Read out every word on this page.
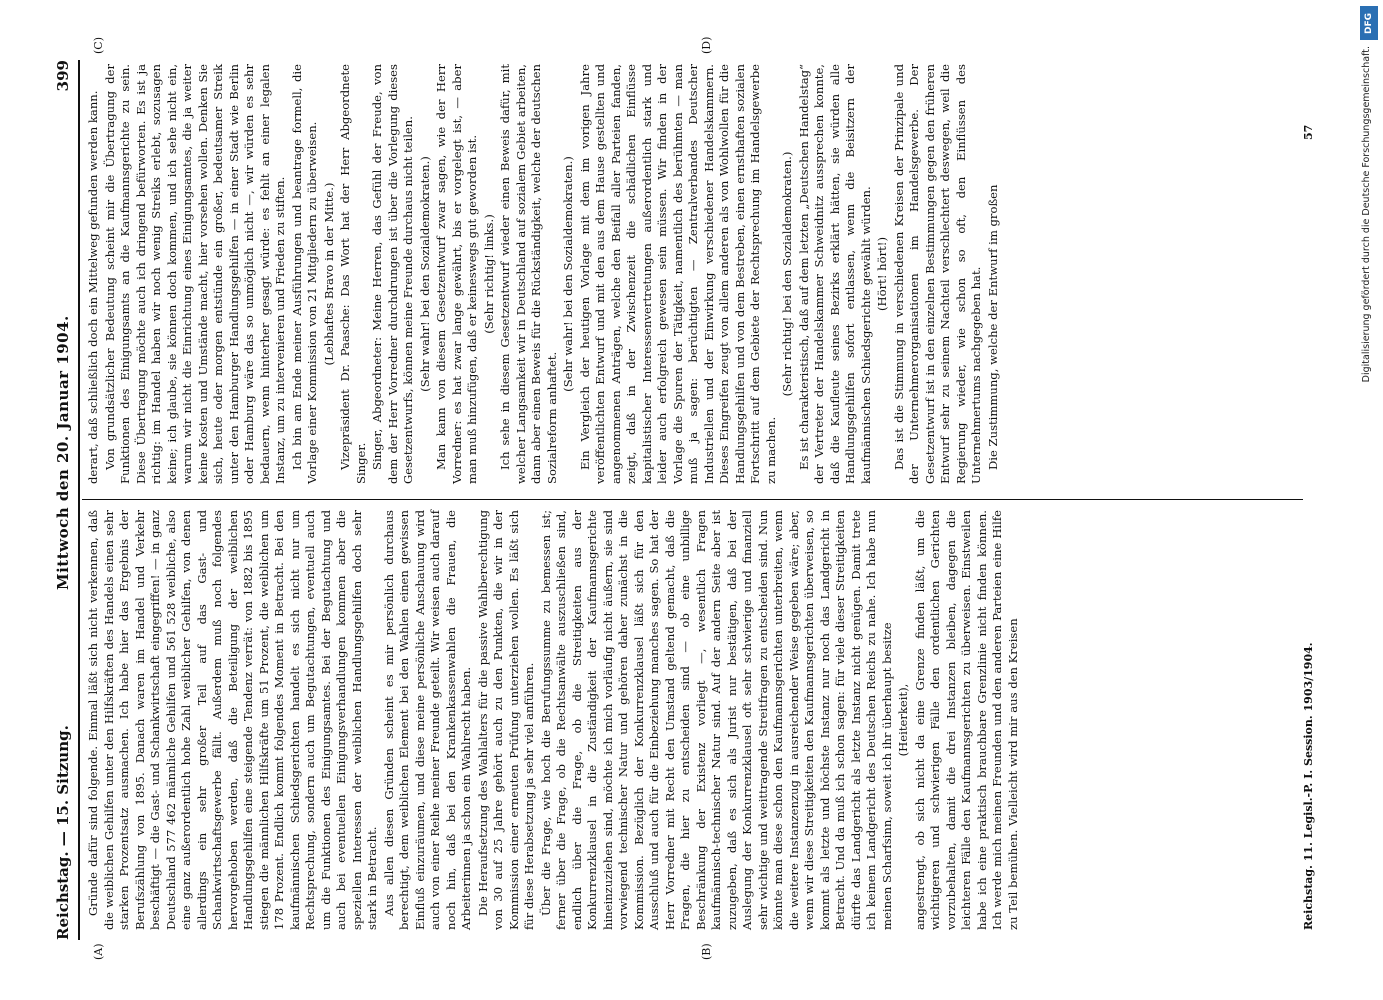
Reichstag. — 15. Sitzung.
Mittwoch den 20. Januar 1904.
399
(A)	(B)
(C)	(D)

Gründe dafür sind folgende. Einmal läßt sich nicht verkennen, daß die weiblichen Gehilfen unter den Hilfskräften des Handels einen sehr starken Prozentsatz ausmachen. Ich habe hier das Ergebnis der Berufszählung von 1895. Danach waren im Handel und Verkehr beschäftigt — die Gast- und Schankwirtschaft eingegriffen! — in ganz Deutschland 577 462 männliche Gehilfen und 561 528 weibliche, also eine ganz außerordentlich hohe Zahl weiblicher Gehilfen, von denen allerdings ein sehr großer Teil auf das Gast- und Schankwirtschaftsgewerbe fällt. Außerdem muß noch folgendes hervorgehoben werden, daß die Beteiligung der weiblichen Handlungsgehilfen eine steigende Tendenz verrät: von 1882 bis 1895 stiegen die männlichen Hilfskräfte um 51 Prozent, die weiblichen um 178 Prozent. Endlich kommt folgendes Moment in Betracht. Bei den kaufmännischen Schiedsgerichten handelt es sich nicht nur um Rechtsprechung, sondern auch um Begutachtungen, eventuell auch um die Funktionen des Einigungsamtes. Bei der Begutachtung und auch bei eventuellen Einigungsverhandlungen kommen aber die speziellen Interessen der weiblichen Handlungsgehilfen doch sehr stark in Betracht. Aus allen diesen Gründen scheint es mir persönlich durchaus berechtigt, dem weiblichen Element bei den Wahlen einen gewissen Einfluß einzuräumen, und diese meine persönliche Anschauung wird auch von einer Reihe meiner Freunde geteilt. Wir weisen auch darauf noch hin, daß bei den Krankenkassenwahlen die Frauen, die Arbeiterinnen ja schon ein Wahlrecht haben. Die Heraufsetzung des Wahlalters für die passive Wahlberechtigung von 30 auf 25 Jahre gehört auch zu den Punkten, die wir in der Kommission einer erneuten Prüfung unterziehen wollen. Es läßt sich für diese Herabsetzung ja sehr viel anführen. Über die Frage, wie hoch die Berufungssumme zu bemessen ist; ferner über die Frage, ob die Rechtsanwälte auszuschließen sind, endlich über die Frage, ob die Streitigkeiten aus der Konkurrenzklausel in die Zuständigkeit der Kaufmannsgerichte hineinzuziehen sind, möchte ich mich vorläufig nicht äußern, sie sind vorwiegend technischer Natur und gehören daher zunächst in die Kommission. Bezüglich der Konkurrenzklausel läßt sich für den Ausschluß und auch für die Einbeziehung manches sagen. So hat der Herr Vorredner mit Recht den Umstand geltend gemacht, daß die Fragen, die hier zu entscheiden sind — ob eine unbillige Beschränkung der Existenz vorliegt —, wesentlich Fragen kaufmännisch-technischer Natur sind. Auf der andern Seite aber ist zuzugeben, daß es sich als Jurist nur bestätigen, daß bei der Auslegung der Konkurrenzklausel oft sehr schwierige und finanziell sehr wichtige und weittragende Streitfragen zu entscheiden sind. Nun könnte man diese schon den Kaufmannsgerichten unterbreiten, wenn die weitere Instanzenzug in ausreichender Weise gegeben wäre; aber, wenn wir diese Streitigkeiten den Kaufmannsgerichten überweisen, so kommt als letzte und höchste Instanz nur noch das Landgericht in Betracht. Und da muß ich schon sagen: für viele dieser Streitigkeiten dürfte das Landgericht als letzte Instanz nicht genügen. Damit trete ich keinem Landgericht des Deutschen Reichs zu nahe. Ich habe nun meinen Scharfsinn, soweit ich ihr überhaupt besitze (Heiterkeit), angestrengt, ob sich nicht da eine Grenze finden läßt, um die wichtigeren und schwierigen Fälle den ordentlichen Gerichten vorzubehalten, damit die drei Instanzen bleiben, dagegen die leichteren Fälle den Kaufmannsgerichten zu überweisen. Einstweilen habe ich eine praktisch brauchbare Grenzlinie nicht finden können. Ich werde mich meinen Freunden und den anderen Parteien eine Hilfe zu Teil bemühen. Vielleicht wird mir aus den Kreisen

derart, daß schließlich doch ein Mittelweg gefunden werden kann. Von grundsätzlicher Bedeutung scheint mir die Übertragung der Funktionen des Einigungsamts an die Kaufmannsgerichte zu sein. Diese Übertragung möchte auch ich dringend befürworten. Es ist ja richtig: im Handel haben wir noch wenig Streiks erlebt, sozusagen keine; ich glaube, sie können doch kommen, und ich sehe nicht ein, warum wir nicht die Einrichtung eines Einigungsamtes, die ja weiter keine Kosten und Umstände macht, hier vorsehen wollen. Denken Sie sich, heute oder morgen entstünde ein großer, bedeutsamer Streik unter den Hamburger Handlungsgehilfen — in einer Stadt wie Berlin oder Hamburg wäre das so unmöglich nicht —, wir würden es sehr bedauern, wenn hinterher gesagt würde: es fehlt an einer legalen Instanz, um zu intervenieren und Frieden zu stiften. Ich bin am Ende meiner Ausführungen und beantrage formell, die Vorlage einer Kommission von 21 Mitgliedern zu überweisen. (Lebhaftes Bravo in der Mitte.) Vizepräsident Dr. Paasche: Das Wort hat der Herr Abgeordnete Singer. Singer, Abgeordneter: Meine Herren, das Gefühl der Freude, von dem der Herr Vorredner durchdrungen ist über die Vorlegung dieses Gesetzentwurfs, können meine Freunde durchaus nicht teilen. (Sehr wahr! bei den Sozialdemokraten.) Man kann von diesem Gesetzentwurf zwar sagen, wie der Herr Vorredner: es hat zwar lange gewährt, bis er vorgelegt ist, — aber man muß hinzufügen, daß er keineswegs gut geworden ist. (Sehr richtig! links.) Ich sehe in diesem Gesetzentwurf wieder einen Beweis dafür, mit welcher Langsamkeit wir in Deutschland auf sozialem Gebiet arbeiten, dann aber einen Beweis für die Rückständigkeit, welche der deutschen Sozialreform anhaftet.

(Sehr wahr! bei den Sozialdemokraten.) Ein Vergleich der heutigen Vorlage mit dem im vorigen Jahre veröffentlichten Entwurf und mit den aus dem Hause gestellten und angenommenen Anträgen, welche den Beifall aller Parteien fanden, zeigt, daß in der Zwischenzeit die schädlichen Einflüsse kapitalistischer Interessenvertretungen außerordentlich stark und leider auch erfolgreich gewesen sein müssen. Wir finden in der Vorlage die Spuren der Tätigkeit, namentlich des berühmten — man muß ja sagen: berüchtigten — Zentralverbandes Deutscher Industriellen und der Einwirkung verschiedener Handelskammern. Dieses Eingreifen zeugt von allem anderen als von Wohlwollen für die Handlungsgehilfen und von dem Bestreben, einen ernsthaften sozialen Fortschritt auf dem Gebiete der Rechtsprechung im Handelsgewerbe zu machen.

(Sehr richtig! bei den Sozialdemokraten.) Es ist charakteristisch, daß auf dem letzten „Deutschen Handelstag“ der Vertreter der Handelskammer Schweidnitz aussprechen konnte, daß die Kaufleute seines Bezirks erklärt hätten, sie würden alle Handlungsgehilfen sofort entlassen, wenn die Beisitzern der kaufmännischen Schiedsgerichte gewählt würden. (Hört! hört!) Das ist die Stimmung in verschiedenen Kreisen der Prinzipale und der Unternehmerorganisationen im Handelsgewerbe. Der Gesetzentwurf ist in den einzelnen Bestimmungen gegen den früheren Entwurf sehr zu seinem Nachteil verschlechtert deswegen, weil die Regierung wieder, wie schon so oft, den Einflüssen des Unternehmertums nachgegeben hat. Die Zustimmung, welche der Entwurf im großen

Reichstag. 11. Legisl.-P. I. Session. 1903/1904.
57
DFG
Digitalisierung gefördert durch die Deutsche Forschungsgemeinschaft.
